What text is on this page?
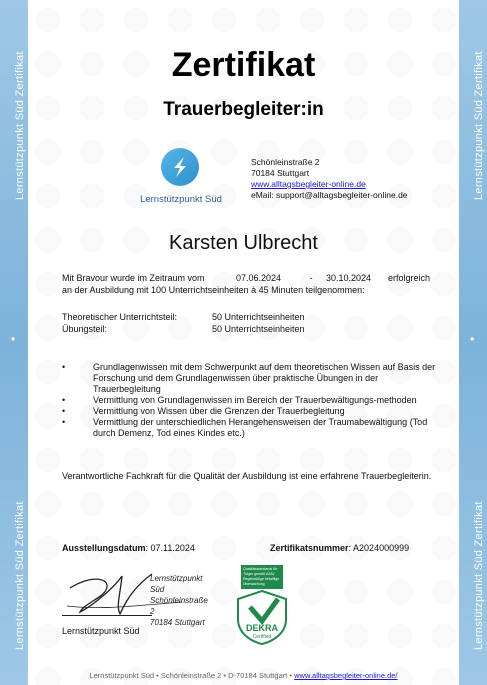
Lernstützpunkt Süd Zertifikat
•
Lernstützpunkt Süd Zertifikat
Lernstützpunkt Süd Zertifikat
•
Lernstützpunkt Süd Zertifikat
Zertifikat
Trauerbegleiter:in
Lernstützpunkt Süd
Schönleinstraße 2
70184 Stuttgart
www.alltagsbegleiter-online.de
eMail: support@alltagsbegleiter-online.de
Karsten Ulbrecht
Mit Bravour wurde im Zeitraum vom	07.06.2024	-	30.10.2024	erfolgreich
an der Ausbildung mit 100 Unterrichtseinheiten à 45 Minuten teilgenommen:
Theoretischer Unterrichtsteil:	50 Unterrichtseinheiten
Übungsteil:	50 Unterrichtseinheiten
•	Grundlagenwissen mit dem Schwerpunkt auf dem theoretischen Wissen auf Basis der Forschung und dem Grundlagenwissen über praktische Übungen in der Trauerbegleitung
•	Vermittlung von Grundlagenwissen im Bereich der Trauerbewältigungs-methoden
•	Vermittlung von Wissen über die Grenzen der Trauerbegleitung
•	Vermittlung der unterschiedlichen Herangehensweisen der Traumabewältigung (Tod durch Demenz, Tod eines Kindes etc.)
Verantwortliche Fachkraft für die Qualität der Ausbildung ist eine erfahrene Trauerbegleiterin.
Ausstellungsdatum: 07.11.2024	Zertifikatsnummer: A2024000999
Lernstützpunkt Süd
Schönleinstraße 2
70184 Stuttgart
Lernstützpunkt Süd
Qualitätsstandards für Träger gemäß AZAV
Regelmäßige freiwillige Überwachung
DEKRA
Certified
Lernstützpunkt Süd • Schönleinstraße 2 • D-70184 Stuttgart • www.alltagsbegleiter-online.de/
